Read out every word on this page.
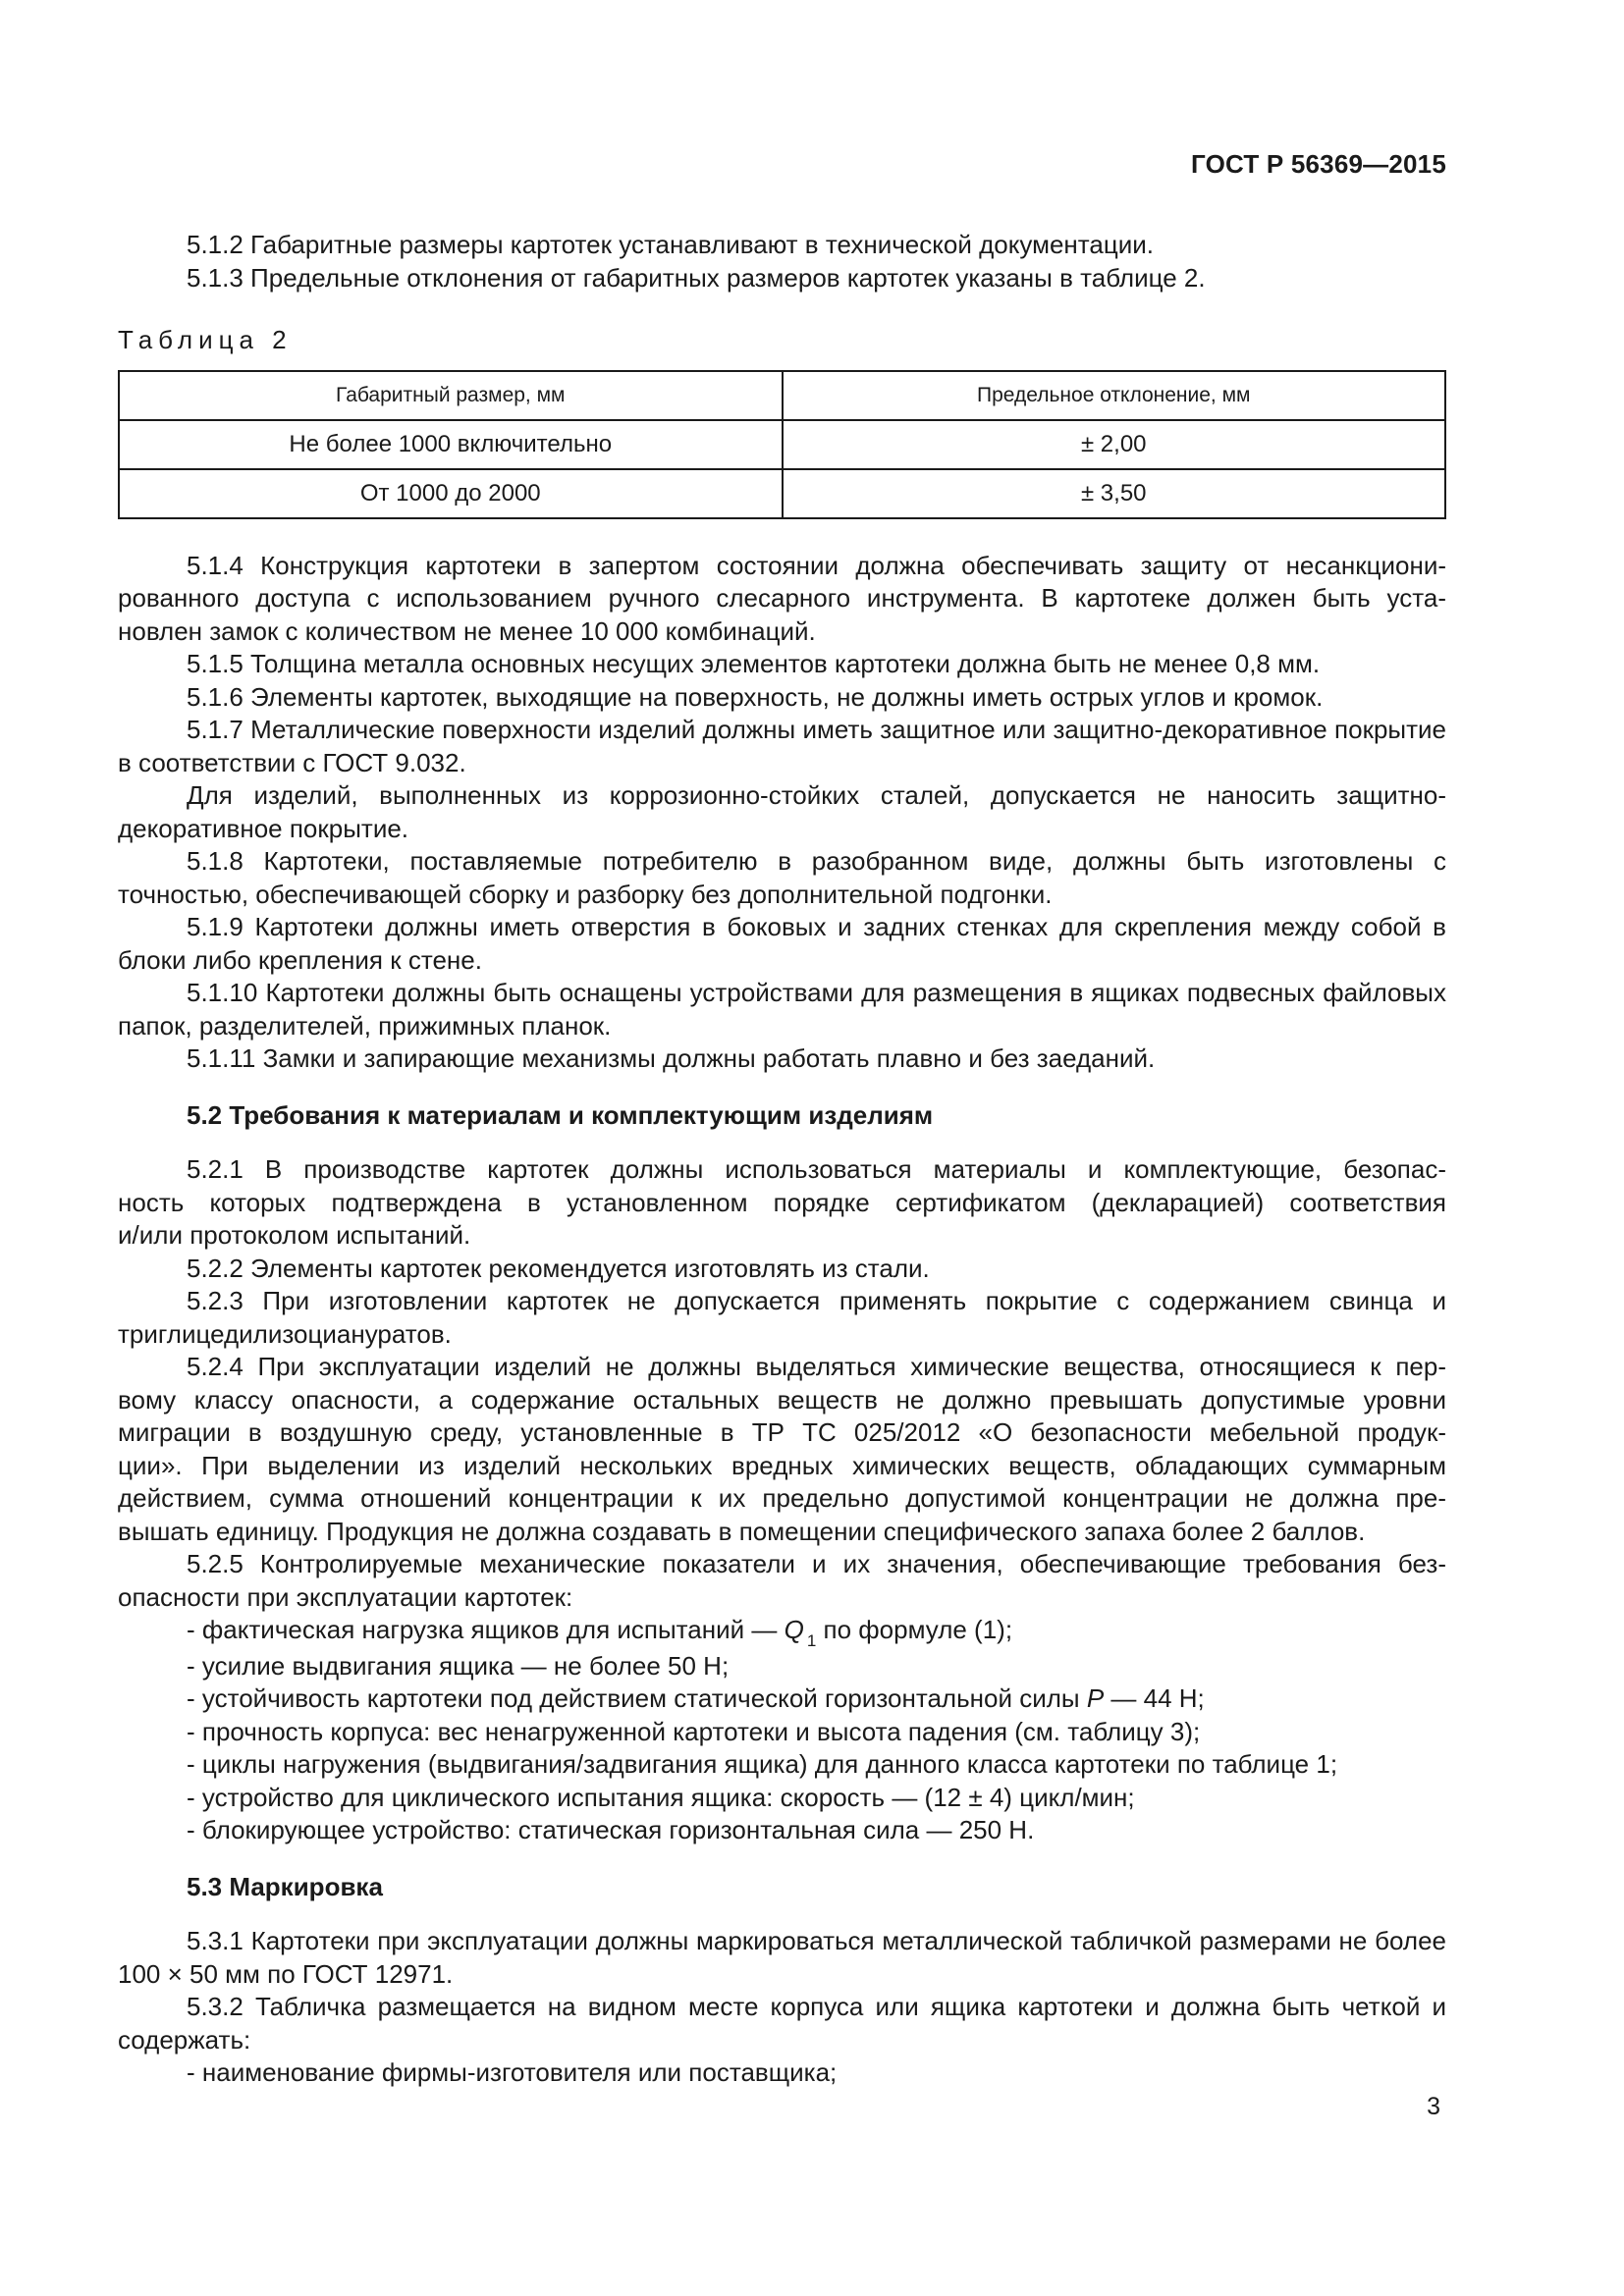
ГОСТ Р 56369—2015

5.1.2 Габаритные размеры картотек устанавливают в технической документации.

5.1.3 Предельные отклонения от габаритных размеров картотек указаны в таблице 2.

Таблица 2

Габаритный размер, мм	Предельное отклонение, мм
Не более 1000 включительно	± 2,00
От 1000 до 2000	± 3,50

5.1.4 Конструкция картотеки в запертом состоянии должна обеспечивать защиту от несанкциони-

рованного доступа с использованием ручного слесарного инструмента. В картотеке должен быть уста-

новлен замок с количеством не менее 10 000 комбинаций.

5.1.5 Толщина металла основных несущих элементов картотеки должна быть не менее 0,8 мм.

5.1.6 Элементы картотек, выходящие на поверхность, не должны иметь острых углов и кромок.

5.1.7 Металлические поверхности изделий должны иметь защитное или защитно-декоративное покрытие в соответствии с ГОСТ 9.032.

Для изделий, выполненных из коррозионно-стойких сталей, допускается не наносить защитно-декоративное покрытие.

5.1.8 Картотеки, поставляемые потребителю в разобранном виде, должны быть изготовлены с точностью, обеспечивающей сборку и разборку без дополнительной подгонки.

5.1.9 Картотеки должны иметь отверстия в боковых и задних стенках для скрепления между собой в блоки либо крепления к стене.

5.1.10 Картотеки должны быть оснащены устройствами для размещения в ящиках подвесных файловых папок, разделителей, прижимных планок.

5.1.11 Замки и запирающие механизмы должны работать плавно и без заеданий.

5.2 Требования к материалам и комплектующим изделиям

5.2.1 В производстве картотек должны использоваться материалы и комплектующие, безопас-

ность которых подтверждена в установленном порядке сертификатом (декларацией) соответствия

и/или протоколом испытаний.

5.2.2 Элементы картотек рекомендуется изготовлять из стали.

5.2.3 При изготовлении картотек не допускается применять покрытие с содержанием свинца и триглицедилизоциануратов.

5.2.4 При эксплуатации изделий не должны выделяться химические вещества, относящиеся к пер-

вому классу опасности, а содержание остальных веществ не должно превышать допустимые уровни

миграции в воздушную среду, установленные в ТР ТС 025/2012 «О безопасности мебельной продук-

ции». При выделении из изделий нескольких вредных химических веществ, обладающих суммарным

действием, сумма отношений концентрации к их предельно допустимой концентрации не должна пре-

вышать единицу. Продукция не должна создавать в помещении специфического запаха более 2 баллов.

5.2.5 Контролируемые механические показатели и их значения, обеспечивающие требования без-

опасности при эксплуатации картотек:

- фактическая нагрузка ящиков для испытаний — Q $_1$ по формуле (1);

- усилие выдвигания ящика — не более 50 Н;

- устойчивость картотеки под действием статической горизонтальной силы P — 44 Н;

- прочность корпуса: вес ненагруженной картотеки и высота падения (см. таблицу 3);

- циклы нагружения (выдвигания/задвигания ящика) для данного класса картотеки по таблице 1;

- устройство для циклического испытания ящика: скорость — (12 ± 4) цикл/мин;

- блокирующее устройство: статическая горизонтальная сила — 250 Н.

5.3 Маркировка

5.3.1 Картотеки при эксплуатации должны маркироваться металлической табличкой размерами не более 100 × 50 мм по ГОСТ 12971.

5.3.2 Табличка размещается на видном месте корпуса или ящика картотеки и должна быть четкой и содержать:

- наименование фирмы-изготовителя или поставщика;

3
